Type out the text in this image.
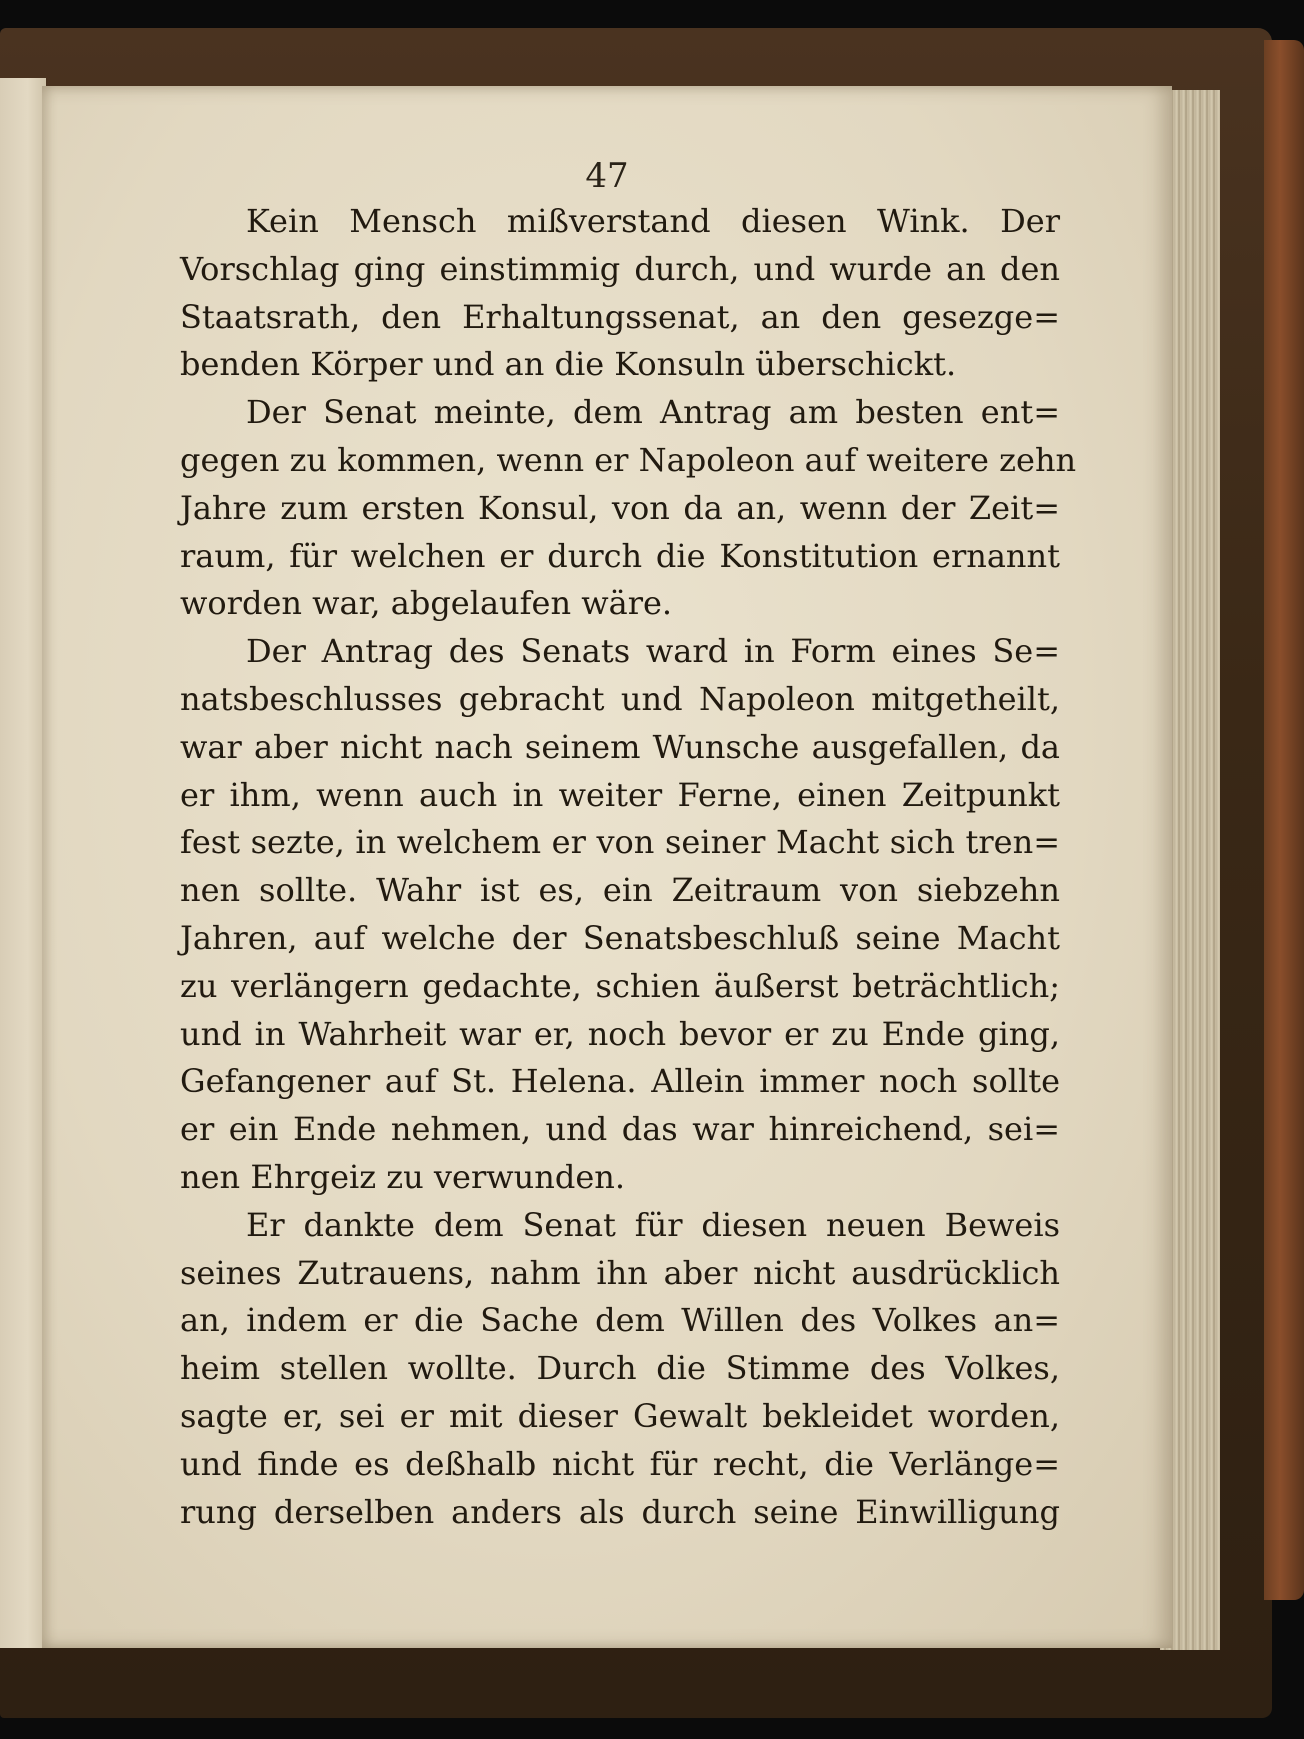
47

Kein Mensch mißverstand diesen Wink. Der
Vorschlag ging einstimmig durch, und wurde an den
Staatsrath, den Erhaltungssenat, an den gesezge=
benden Körper und an die Konsuln überschickt.

Der Senat meinte, dem Antrag am besten ent=
gegen zu kommen, wenn er Napoleon auf weitere zehn
Jahre zum ersten Konsul, von da an, wenn der Zeit=
raum, für welchen er durch die Konstitution ernannt
worden war, abgelaufen wäre.

Der Antrag des Senats ward in Form eines Se=
natsbeschlusses gebracht und Napoleon mitgetheilt,
war aber nicht nach seinem Wunsche ausgefallen, da
er ihm, wenn auch in weiter Ferne, einen Zeitpunkt
fest sezte, in welchem er von seiner Macht sich tren=
nen sollte. Wahr ist es, ein Zeitraum von siebzehn
Jahren, auf welche der Senatsbeschluß seine Macht
zu verlängern gedachte, schien äußerst beträchtlich;
und in Wahrheit war er, noch bevor er zu Ende ging,
Gefangener auf St. Helena. Allein immer noch sollte
er ein Ende nehmen, und das war hinreichend, sei=
nen Ehrgeiz zu verwunden.

Er dankte dem Senat für diesen neuen Beweis
seines Zutrauens, nahm ihn aber nicht ausdrücklich
an, indem er die Sache dem Willen des Volkes an=
heim stellen wollte. Durch die Stimme des Volkes,
sagte er, sei er mit dieser Gewalt bekleidet worden,
und finde es deßhalb nicht für recht, die Verlänge=
rung derselben anders als durch seine Einwilligung
